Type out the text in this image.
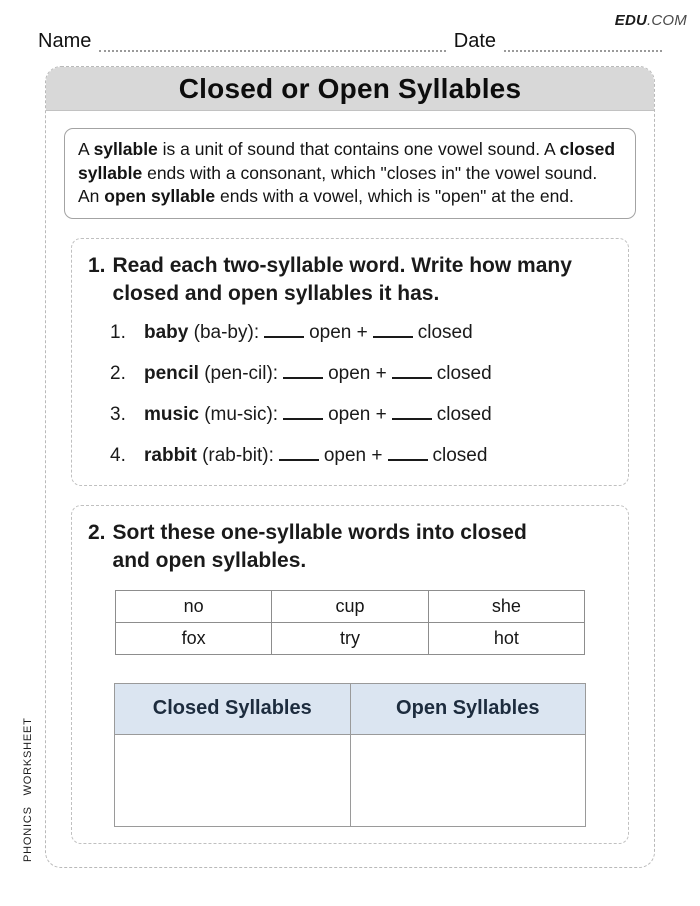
EDU.COM
Name	Date
Closed or Open Syllables
A syllable is a unit of sound that contains one vowel sound. A closed syllable ends with a consonant, which "closes in" the vowel sound. An open syllable ends with a vowel, which is "open" at the end.
1. Read each two-syllable word. Write how many closed and open syllables it has.
1. baby (ba-by):	open +	closed
2. pencil (pen-cil):	open +	closed
3. music (mu-sic):	open +	closed
4. rabbit (rab-bit):	open +	closed
2. Sort these one-syllable words into closed and open syllables.
no	cup	she
fox	try	hot
Closed Syllables	Open Syllables

PHONICS WORKSHEET
